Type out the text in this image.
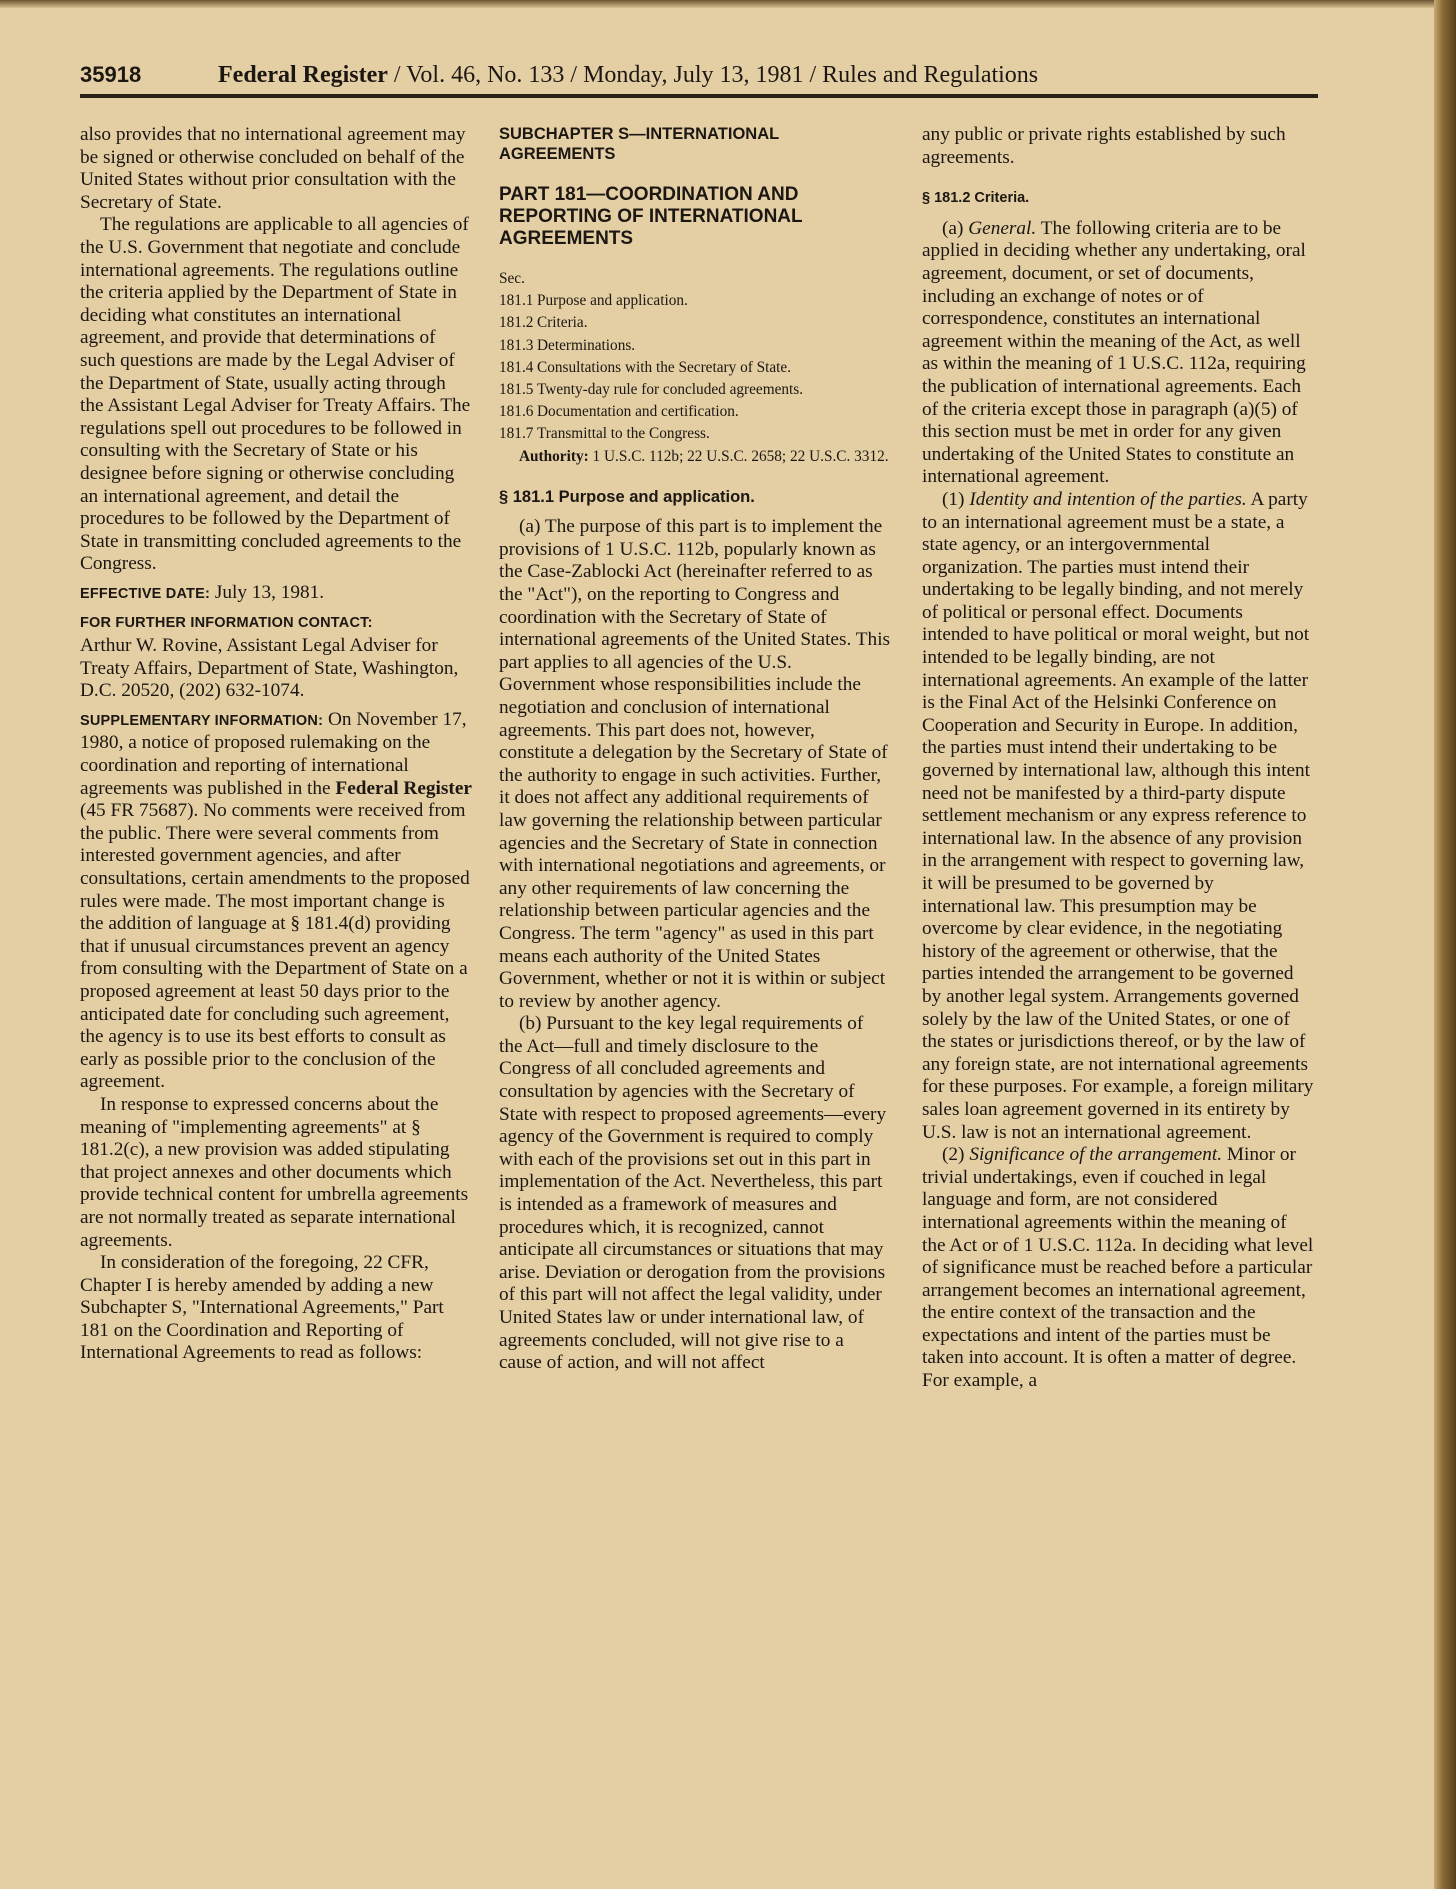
35918	Federal Register / Vol. 46, No. 133 / Monday, July 13, 1981 / Rules and Regulations

also provides that no international agreement may be signed or otherwise concluded on behalf of the United States without prior consultation with the Secretary of State.

The regulations are applicable to all agencies of the U.S. Government that negotiate and conclude international agreements. The regulations outline the criteria applied by the Department of State in deciding what constitutes an international agreement, and provide that determinations of such questions are made by the Legal Adviser of the Department of State, usually acting through the Assistant Legal Adviser for Treaty Affairs. The regulations spell out procedures to be followed in consulting with the Secretary of State or his designee before signing or otherwise concluding an international agreement, and detail the procedures to be followed by the Department of State in transmitting concluded agreements to the Congress.

EFFECTIVE DATE: July 13, 1981.

FOR FURTHER INFORMATION CONTACT:
Arthur W. Rovine, Assistant Legal Adviser for Treaty Affairs, Department of State, Washington, D.C. 20520, (202) 632-1074.

SUPPLEMENTARY INFORMATION: On November 17, 1980, a notice of proposed rulemaking on the coordination and reporting of international agreements was published in the Federal Register (45 FR 75687). No comments were received from the public. There were several comments from interested government agencies, and after consultations, certain amendments to the proposed rules were made. The most important change is the addition of language at § 181.4(d) providing that if unusual circumstances prevent an agency from consulting with the Department of State on a proposed agreement at least 50 days prior to the anticipated date for concluding such agreement, the agency is to use its best efforts to consult as early as possible prior to the conclusion of the agreement.

In response to expressed concerns about the meaning of "implementing agreements" at § 181.2(c), a new provision was added stipulating that project annexes and other documents which provide technical content for umbrella agreements are not normally treated as separate international agreements.

In consideration of the foregoing, 22 CFR, Chapter I is hereby amended by adding a new Subchapter S, "International Agreements," Part 181 on the Coordination and Reporting of International Agreements to read as follows:

SUBCHAPTER S—INTERNATIONAL AGREEMENTS

PART 181—COORDINATION AND REPORTING OF INTERNATIONAL AGREEMENTS

Sec.
181.1 Purpose and application.
181.2 Criteria.
181.3 Determinations.
181.4 Consultations with the Secretary of State.
181.5 Twenty-day rule for concluded agreements.
181.6 Documentation and certification.
181.7 Transmittal to the Congress.

Authority: 1 U.S.C. 112b; 22 U.S.C. 2658; 22 U.S.C. 3312.

§ 181.1 Purpose and application.

(a) The purpose of this part is to implement the provisions of 1 U.S.C. 112b, popularly known as the Case-Zablocki Act (hereinafter referred to as the "Act"), on the reporting to Congress and coordination with the Secretary of State of international agreements of the United States. This part applies to all agencies of the U.S. Government whose responsibilities include the negotiation and conclusion of international agreements. This part does not, however, constitute a delegation by the Secretary of State of the authority to engage in such activities. Further, it does not affect any additional requirements of law governing the relationship between particular agencies and the Secretary of State in connection with international negotiations and agreements, or any other requirements of law concerning the relationship between particular agencies and the Congress. The term "agency" as used in this part means each authority of the United States Government, whether or not it is within or subject to review by another agency.

(b) Pursuant to the key legal requirements of the Act—full and timely disclosure to the Congress of all concluded agreements and consultation by agencies with the Secretary of State with respect to proposed agreements—every agency of the Government is required to comply with each of the provisions set out in this part in implementation of the Act. Nevertheless, this part is intended as a framework of measures and procedures which, it is recognized, cannot anticipate all circumstances or situations that may arise. Deviation or derogation from the provisions of this part will not affect the legal validity, under United States law or under international law, of agreements concluded, will not give rise to a cause of action, and will not affect

any public or private rights established by such agreements.

§ 181.2 Criteria.

(a) General. The following criteria are to be applied in deciding whether any undertaking, oral agreement, document, or set of documents, including an exchange of notes or of correspondence, constitutes an international agreement within the meaning of the Act, as well as within the meaning of 1 U.S.C. 112a, requiring the publication of international agreements. Each of the criteria except those in paragraph (a)(5) of this section must be met in order for any given undertaking of the United States to constitute an international agreement.

(1) Identity and intention of the parties. A party to an international agreement must be a state, a state agency, or an intergovernmental organization. The parties must intend their undertaking to be legally binding, and not merely of political or personal effect. Documents intended to have political or moral weight, but not intended to be legally binding, are not international agreements. An example of the latter is the Final Act of the Helsinki Conference on Cooperation and Security in Europe. In addition, the parties must intend their undertaking to be governed by international law, although this intent need not be manifested by a third-party dispute settlement mechanism or any express reference to international law. In the absence of any provision in the arrangement with respect to governing law, it will be presumed to be governed by international law. This presumption may be overcome by clear evidence, in the negotiating history of the agreement or otherwise, that the parties intended the arrangement to be governed by another legal system. Arrangements governed solely by the law of the United States, or one of the states or jurisdictions thereof, or by the law of any foreign state, are not international agreements for these purposes. For example, a foreign military sales loan agreement governed in its entirety by U.S. law is not an international agreement.

(2) Significance of the arrangement. Minor or trivial undertakings, even if couched in legal language and form, are not considered international agreements within the meaning of the Act or of 1 U.S.C. 112a. In deciding what level of significance must be reached before a particular arrangement becomes an international agreement, the entire context of the transaction and the expectations and intent of the parties must be taken into account. It is often a matter of degree. For example, a
